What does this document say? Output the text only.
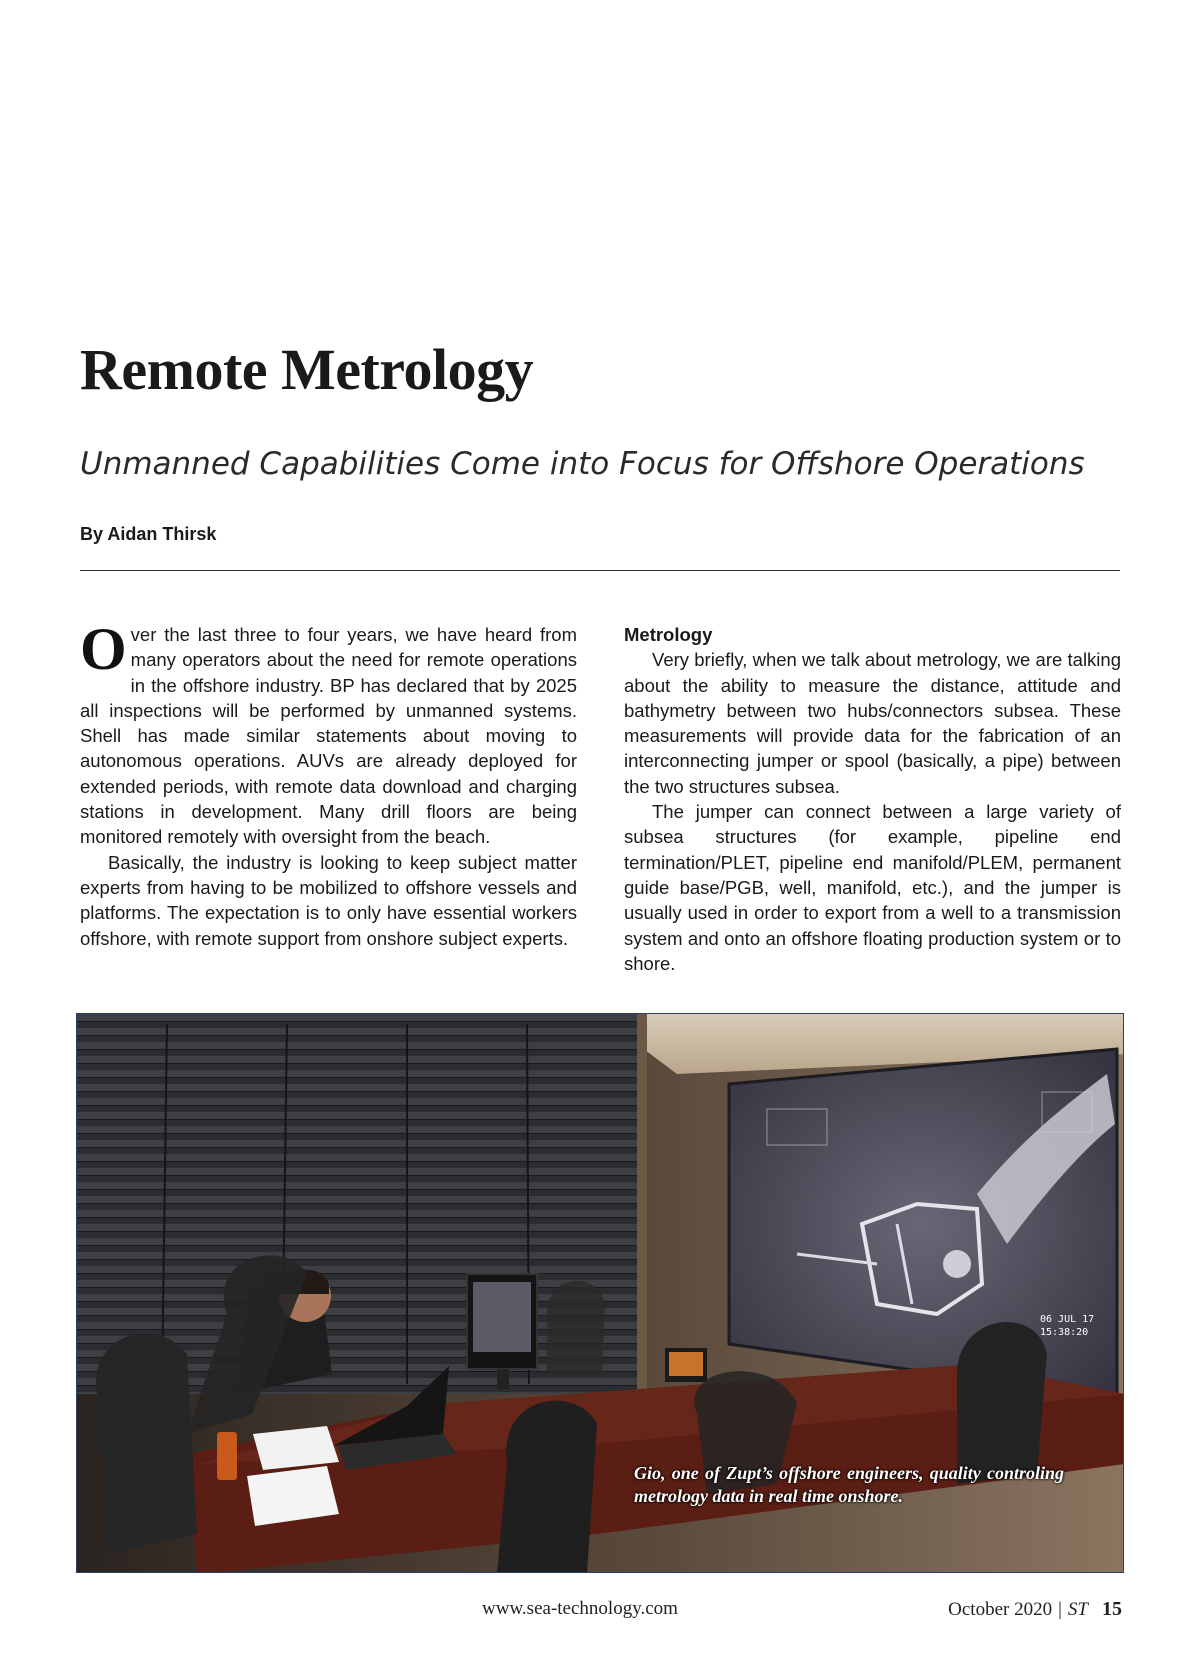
Remote Metrology
Unmanned Capabilities Come into Focus for Offshore Operations
By Aidan Thirsk

Over the last three to four years, we have heard from many operators about the need for remote operations in the offshore industry. BP has declared that by 2025 all inspections will be performed by unmanned systems. Shell has made similar statements about moving to autonomous operations. AUVs are already deployed for extended periods, with remote data download and charging stations in development. Many drill floors are being monitored remotely with oversight from the beach.

Basically, the industry is looking to keep subject matter experts from having to be mobilized to offshore vessels and platforms. The expectation is to only have essential workers offshore, with remote support from onshore subject experts.

Metrology

Very briefly, when we talk about metrology, we are talking about the ability to measure the distance, attitude and bathymetry between two hubs/connectors subsea. These measurements will provide data for the fabrication of an interconnecting jumper or spool (basically, a pipe) between the two structures subsea.

The jumper can connect between a large variety of subsea structures (for example, pipeline end termination/PLET, pipeline end manifold/PLEM, permanent guide base/PGB, well, manifold, etc.), and the jumper is usually used in order to export from a well to a transmission system and onto an offshore floating production system or to shore.

06 JUL 17
15:38:20
Gio, one of Zupt’s offshore engineers, quality controling metrology data in real time onshore.
www.sea-technology.com	October 2020 | ST 15
